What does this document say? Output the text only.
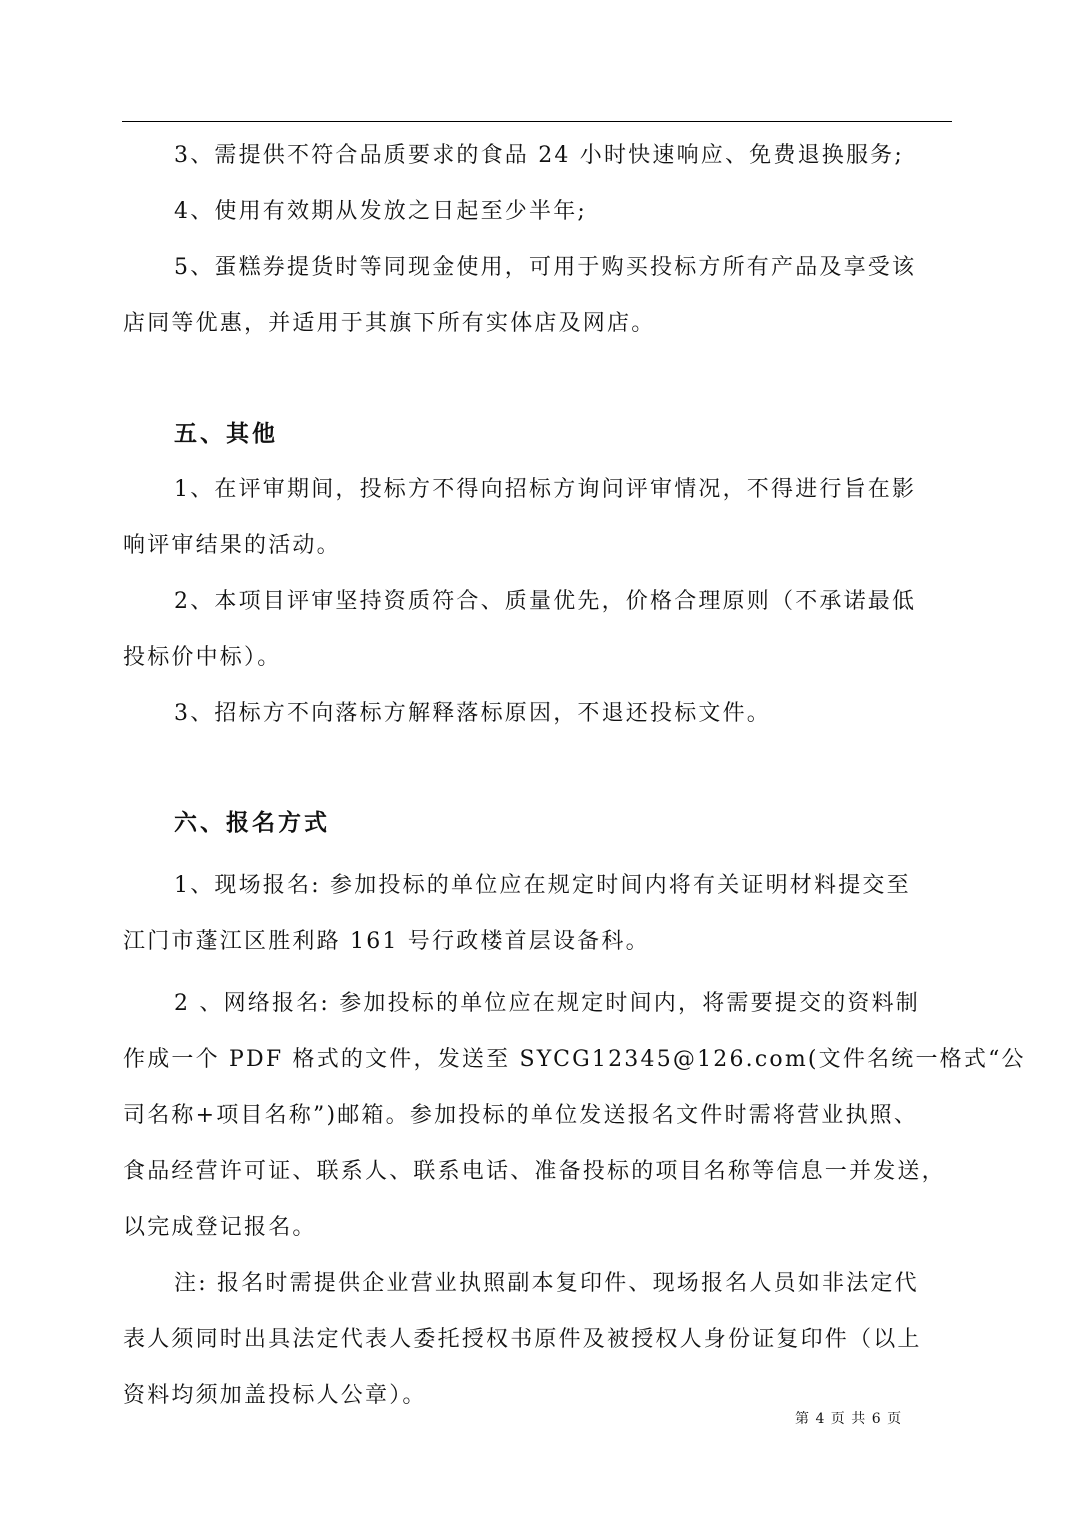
3、需提供不符合品质要求的食品 24 小时快速响应、免费退换服务;
4、使用有效期从发放之日起至少半年;
5、蛋糕券提货时等同现金使用，可用于购买投标方所有产品及享受该
店同等优惠，并适用于其旗下所有实体店及网店。
五、其他
1、在评审期间，投标方不得向招标方询问评审情况，不得进行旨在影
响评审结果的活动。
2、本项目评审坚持资质符合、质量优先，价格合理原则（不承诺最低
投标价中标）。
3、招标方不向落标方解释落标原因，不退还投标文件。
六、报名方式
1、现场报名: 参加投标的单位应在规定时间内将有关证明材料提交至
江门市蓬江区胜利路 161 号行政楼首层设备科。
2 、网络报名: 参加投标的单位应在规定时间内，将需要提交的资料制
作成一个 PDF 格式的文件，发送至 SYCG12345@126.com(文件名统一格式“公
司名称+项目名称”)邮箱。参加投标的单位发送报名文件时需将营业执照、
食品经营许可证、联系人、联系电话、准备投标的项目名称等信息一并发送，
以完成登记报名。
注: 报名时需提供企业营业执照副本复印件、现场报名人员如非法定代
表人须同时出具法定代表人委托授权书原件及被授权人身份证复印件（以上
资料均须加盖投标人公章）。
第 4 页 共 6 页
